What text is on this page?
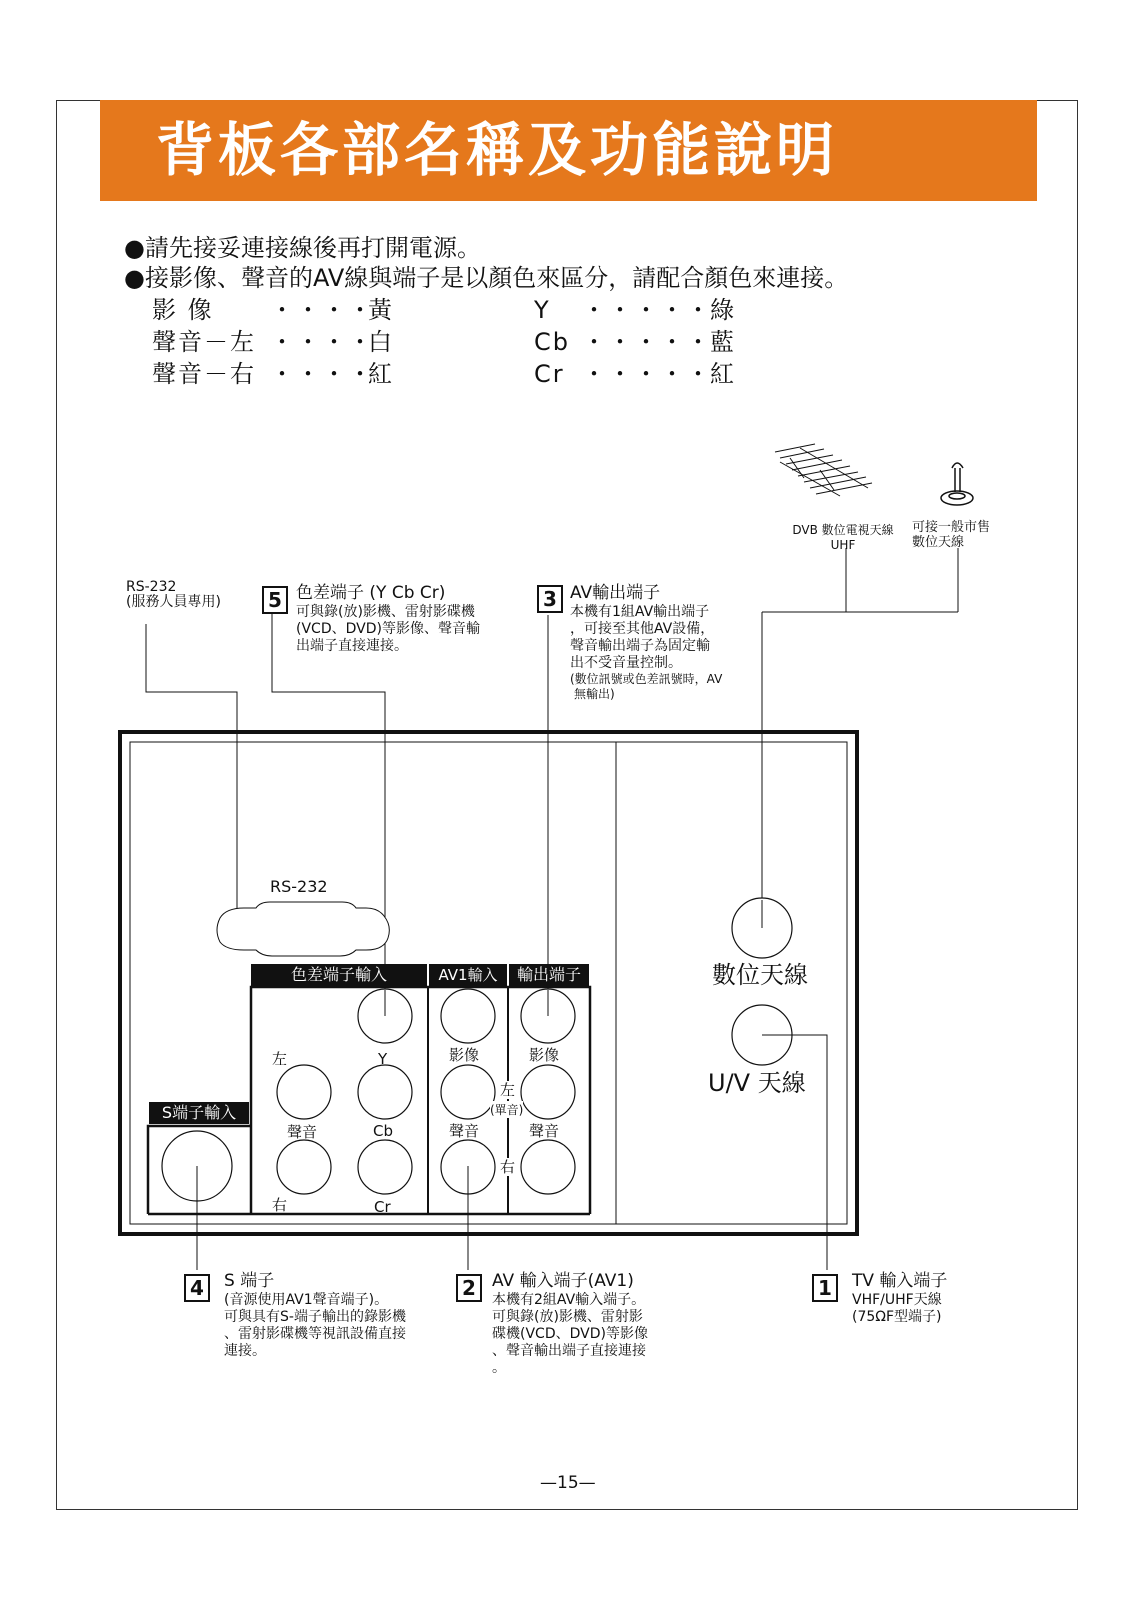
背板各部名稱及功能說明
●請先接妥連接線後再打開電源。
●接影像、聲音的AV線與端子是以顏色來區分，請配合顏色來連接。
影 像 ・・・・黃
聲音－左 ・・・・白
聲音－右 ・・・・紅
Y ・・・・・綠
Cb ・・・・・藍
Cr ・・・・・紅
DVB 數位電視天線
UHF
可接一般市售
數位天線
RS-232
(服務人員專用)	5 色差端子 (Y Cb Cr)
可與錄(放)影機、雷射影碟機
(VCD、DVD)等影像、聲音輸
出端子直接連接。
3 AV輸出端子
本機有1組AV輸出端子
，可接至其他AV設備，
聲音輸出端子為固定輸
出不受音量控制。
(數位訊號或色差訊號時，AV
無輸出)
RS-232
色差端子輸入	AV1輸入	輸出端子
S端子輸入
左	Y
聲音	Cb
右	Cr
影像
聲音
影像
聲音
左
(單音)
右
數位天線
U/V 天線
4	S 端子
(音源使用AV1聲音端子)。
可與具有S-端子輸出的錄影機
、雷射影碟機等視訊設備直接
連接。
2 AV 輸入端子(AV1)
本機有2組AV輸入端子。
可與錄(放)影機、雷射影
碟機(VCD、DVD)等影像
、聲音輸出端子直接連接
。
1	TV 輸入端子
VHF/UHF天線
(75ΩF型端子)
—15—
